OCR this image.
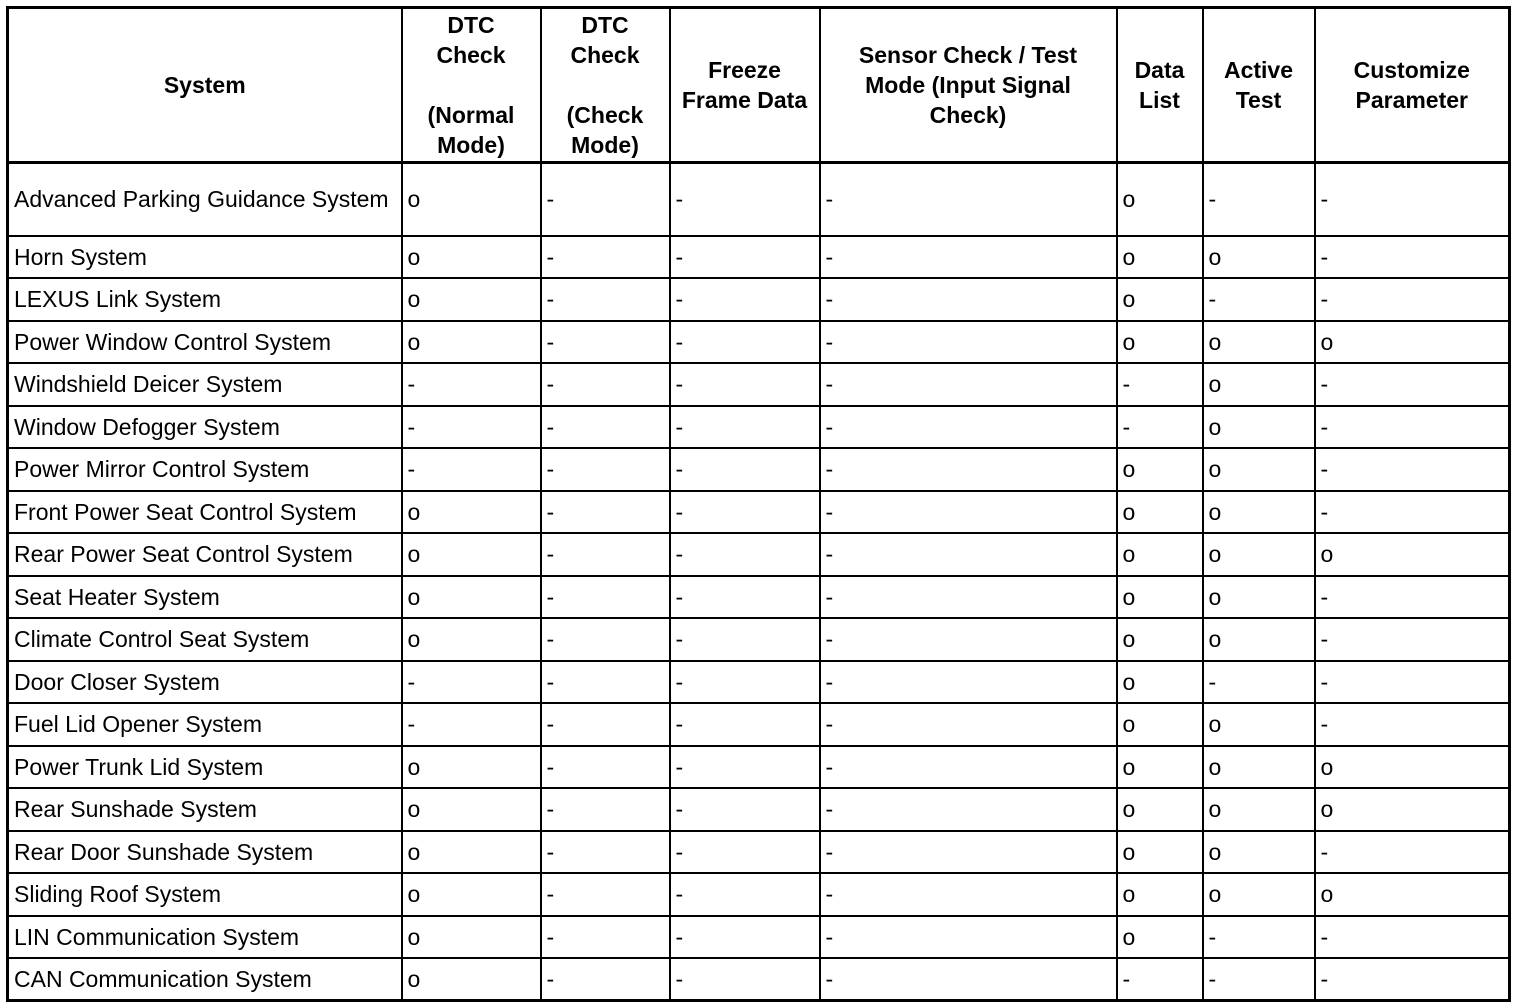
System	DTC
Check

(Normal
Mode)	DTC
Check

(Check
Mode)	Freeze
Frame Data	Sensor Check / Test
Mode (Input Signal
Check)	Data
List	Active
Test	Customize
Parameter
Advanced Parking Guidance System	o	-	-	-	o	-	-
Horn System	o	-	-	-	o	o	-
LEXUS Link System	o	-	-	-	o	-	-
Power Window Control System	o	-	-	-	o	o	o
Windshield Deicer System	-	-	-	-	-	o	-
Window Defogger System	-	-	-	-	-	o	-
Power Mirror Control System	-	-	-	-	o	o	-
Front Power Seat Control System	o	-	-	-	o	o	-
Rear Power Seat Control System	o	-	-	-	o	o	o
Seat Heater System	o	-	-	-	o	o	-
Climate Control Seat System	o	-	-	-	o	o	-
Door Closer System	-	-	-	-	o	-	-
Fuel Lid Opener System	-	-	-	-	o	o	-
Power Trunk Lid System	o	-	-	-	o	o	o
Rear Sunshade System	o	-	-	-	o	o	o
Rear Door Sunshade System	o	-	-	-	o	o	-
Sliding Roof System	o	-	-	-	o	o	o
LIN Communication System	o	-	-	-	o	-	-
CAN Communication System	o	-	-	-	-	-	-
